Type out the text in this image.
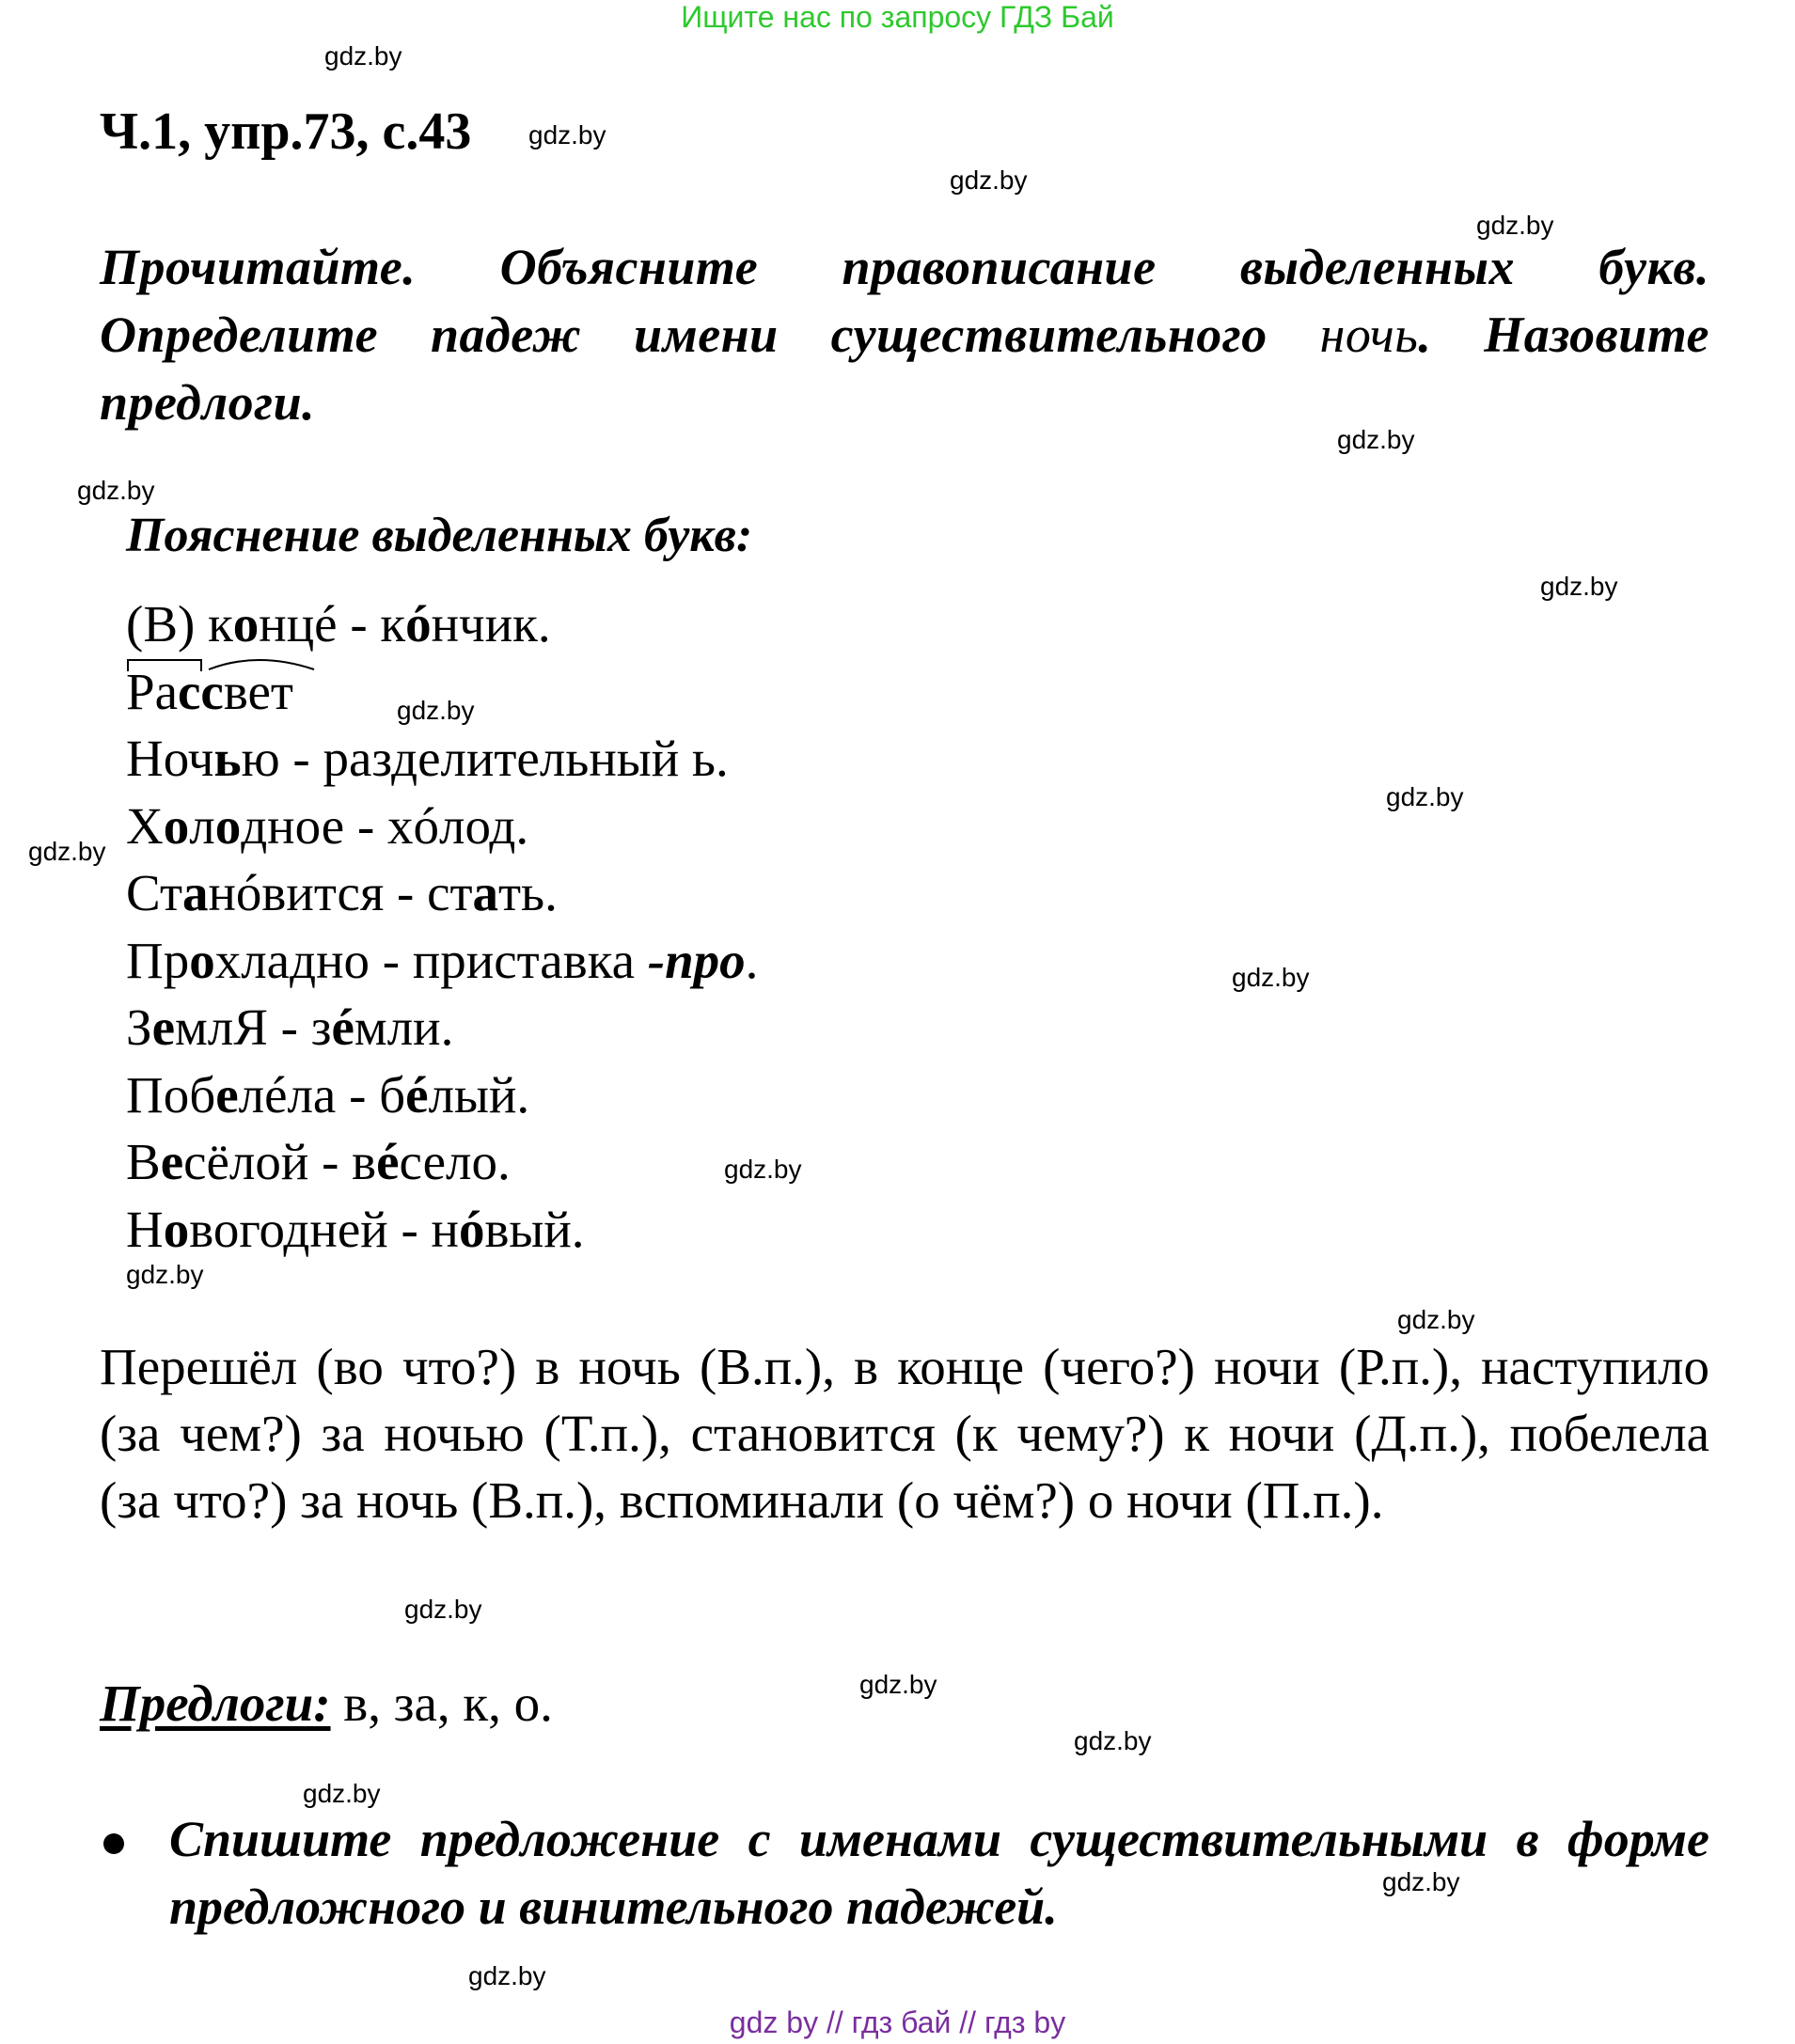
Ищите нас по запросу ГДЗ Бай
Ч.1, упр.73, с.43
Прочитайте. Объясните правописание выделенных букв. Определите падеж имени существительного ночь. Назовите предлоги.
Пояснение выделенных букв:
(В) концé - кóнчик.
Рассвет
Ночью - разделительный ь.
Холодное - хóлод.
Станóвится - стать.
Прохладно - приставка -про.
ЗемлЯ - зéмли.
Побелéла - бéлый.
Весёлой - вéсело.
Новогодней - нóвый.
Перешёл (во что?) в ночь (В.п.), в конце (чего?) ночи (Р.п.), наступило (за чем?) за ночью (Т.п.), становится (к чему?) к ночи (Д.п.), побелела (за что?) за ночь (В.п.), вспоминали (о чём?) о ночи (П.п.).
Предлоги: в, за, к, о.
Спишите предложение с именами существительными в форме предложного и винительного падежей.
gdz.by
gdz.by
gdz.by
gdz.by
gdz.by
gdz.by
gdz.by
gdz.by
gdz.by
gdz.by
gdz.by
gdz.by
gdz.by
gdz.by
gdz.by
gdz.by
gdz.by
gdz.by
gdz.by
gdz.by
gdz by // гдз бай // гдз by
